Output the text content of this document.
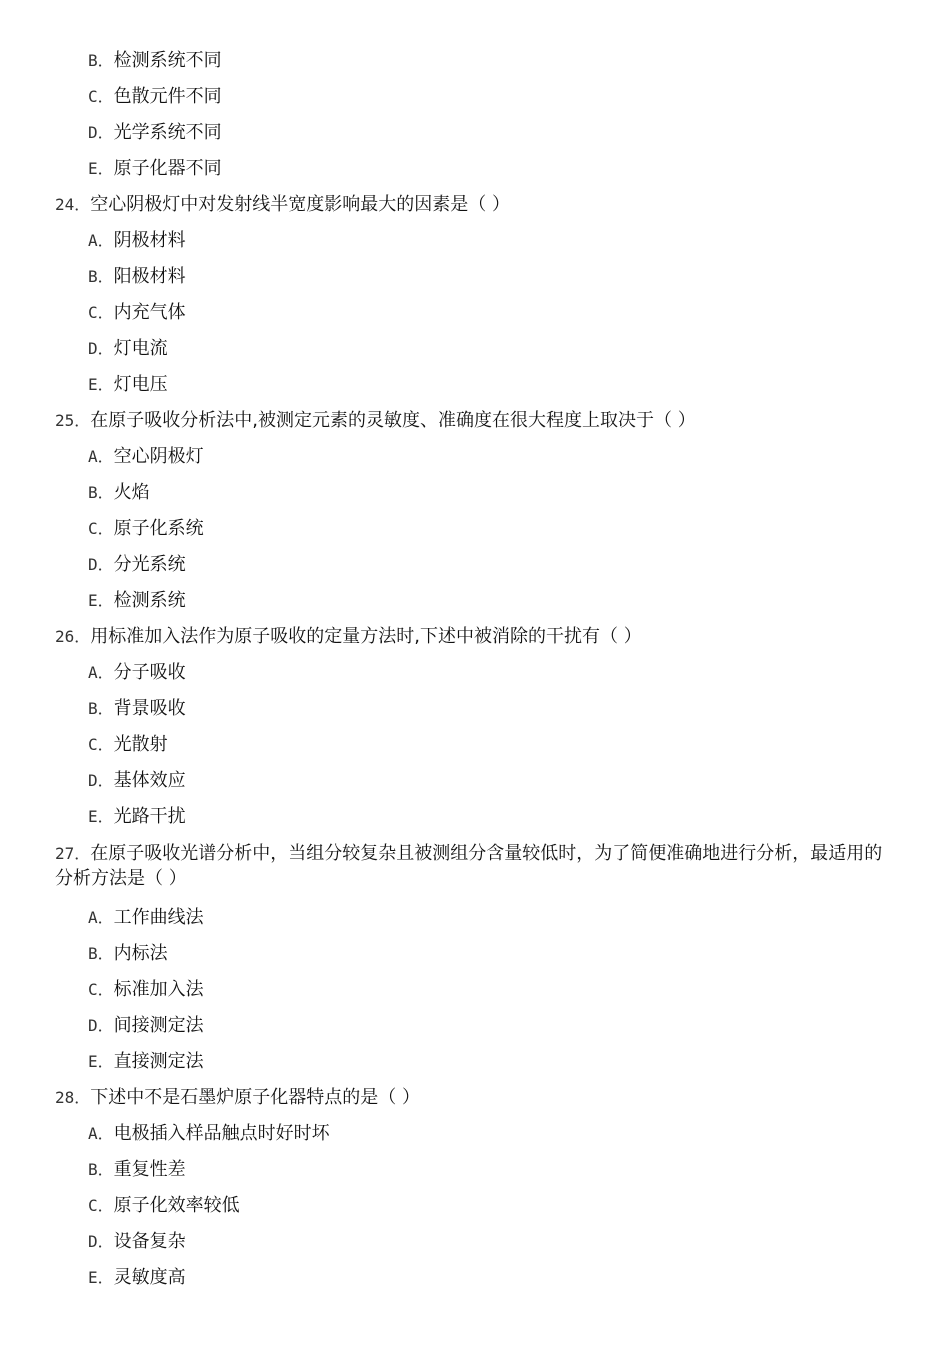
B．检测系统不同
C．色散元件不同
D．光学系统不同
E．原子化器不同
24．空心阴极灯中对发射线半宽度影响最大的因素是（ ）
A．阴极材料
B．阳极材料
C．内充气体
D．灯电流
E．灯电压
25．在原子吸收分析法中,被测定元素的灵敏度、准确度在很大程度上取决于（ ）
A．空心阴极灯
B．火焰
C．原子化系统
D．分光系统
E．检测系统
26．用标准加入法作为原子吸收的定量方法时,下述中被消除的干扰有（ ）
A．分子吸收
B．背景吸收
C．光散射
D．基体效应
E．光路干扰
27．在原子吸收光谱分析中，当组分较复杂且被测组分含量较低时，为了简便准确地进行分析，最适用的分析方法是（ ）
A．工作曲线法
B．内标法
C．标准加入法
D．间接测定法
E．直接测定法
28．下述中不是石墨炉原子化器特点的是（ ）
A．电极插入样品触点时好时坏
B．重复性差
C．原子化效率较低
D．设备复杂
E．灵敏度高
